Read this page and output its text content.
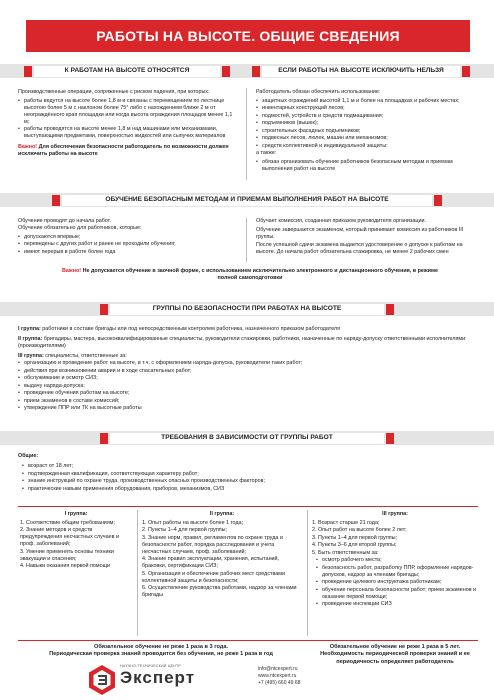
РАБОТЫ НА ВЫСОТЕ. ОБЩИЕ СВЕДЕНИЯ
К РАБОТАМ НА ВЫСОТЕ ОТНОСЯТСЯ	ЕСЛИ РАБОТЫ НА ВЫСОТЕ ИСКЛЮЧИТЬ НЕЛЬЗЯ

Производственные операции, сопряженные с риском падения, при которых:

• работы ведутся на высоте более 1,8 м и связаны с перемещением по лестнице высотою более 5 м с наклоном более 75° либо с нахождением ближе 2 м от неограждённого края площадки или когда высота ограждения площадок менее 1,1 м;
• работы проводятся на высоте менее 1,8 м над машинами или механизмами, выступающими предметами, поверхностью жидкостей или сыпучих материалов

Важно! Для обеспечения безопасности работодатель по возможности должен исключить работы на высоте

Работодатель обязан обеспечить использование:

• защитных ограждений высотой 1,1 м и более на площадках и рабочих местах;
• инвентарных конструкций лесов;
• подмостей, устройств и средств подмащивания;
• подъемников (вышек);
• строительных фасадных подъемников;
• подвесных лесов, люлек, машин или механизмов;
• средств коллективной и индивидуальной защиты;

а также:

• обязан организовать обучение работников безопасным методам и приемам выполнения работ на высоте
ОБУЧЕНИЕ БЕЗОПАСНЫМ МЕТОДАМ И ПРИЕМАМ ВЫПОЛНЕНИЯ РАБОТ НА ВЫСОТЕ

Обучение проводят до начала работ.

Обучение обязательно для работников, которые:

• допускаются впервые;
• переведены с других работ и ранее не проходили обучения;
• имеют перерыв в работе более года

Обучает комиссия, созданная приказом руководителя организации.

Обучение завершается экзаменом, который принимает комиссия из работников III группы.

После успешной сдачи экзамена выдается удостоверение о допуске к работам на высоте. До начала работ обязательна стажировка, не менее 2 рабочих смен

Важно! Не допускается обучение в заочной форме, с использованием исключительно электронного и дистанционного обучения, в режиме полной самоподготовки
ГРУППЫ ПО БЕЗОПАСНОСТИ ПРИ РАБОТАХ НА ВЫСОТЕ

I группа: работники в составе бригады или под непосредственным контролем работника, назначенного приказом работодателя

II группа: бригадиры, мастера, высококвалифицированные специалисты, руководители стажировки, работники, назначенные по наряду-допуску ответственными исполнителями (производителями)

III группа: специалисты, ответственные за:

• организацию и проведение работ на высоте, в т.ч. с оформлением наряда-допуска, руководители таких работ;
• действия при возникновении аварии и в ходе спасательных работ;
• обслуживание и осмотр СИЗ;
• выдачу наряда-допуска;
• проведение обучения работам на высоте;
• прием экзаменов в составе комиссий;
• утверждение ППР или ТК на высотные работы
ТРЕБОВАНИЯ В ЗАВИСИМОСТИ ОТ ГРУППЫ РАБОТ

Общие:

• возраст от 18 лет;
• подтвержденная квалификация, соответствующая характеру работ;
• знание инструкций по охране труда, производственных опасных производственных факторов;
• практические навыки применения оборудования, приборов, механизмов, СИЗ

I группа:

1. Соответствие общим требованиям;
2. Знание методов и средств предупреждения несчастных случаев и проф. заболеваний;
3. Умение применять основы техники эвакуации и спасения;
4. Навыки оказания первой помощи

II группа:

1. Опыт работы на высоте более 1 года;
2. Пункты 1–4 для первой группы;
3. Знание норм, правил, регламентов по охране труда и безопасности работ, порядка расследования и учета несчастных случаев, проф. заболеваний;
4. Знание правил эксплуатации, хранения, испытаний, браковки, сертификации СИЗ;
5. Организация и обеспечение рабочих мест средствами коллективной защиты и безопасности;
6. Осуществление руководства работами, надзор за членами бригады

III группа:

1. Возраст старше 21 года;
2. Опыт работ на высоте более 2 лет;
3. Пункты 1–4 для первой группы;
4. Пункты 3–6 для второй группы;
5. Быть ответственным за:
• осмотр рабочего места;
• безопасность работ, разработку ППР, оформление нарядов-допусков, надзор за членами бригады;
• проведение целевого инструктажа работникам;
• обучение персонала безопасности работ; прием экзаменов и оказание первой помощи;
• проведение инспекции СИЗ

Обязательное обучение не реже 1 раза в 3 года.

Периодическая проверка знаний проводится без обучения, не реже 1 раза в год

Обязательное обучение не реже 1 раза в 5 лет.

Необходимость периодической проверки знаний и ее периодичность определяет работодатель

НАУЧНО-ТЕХНИЧЕСКИЙ ЦЕНТР
Эксперт	info@ntcexpert.ru
www.ntcexpert.ru
+7 (495) 660 49 68
